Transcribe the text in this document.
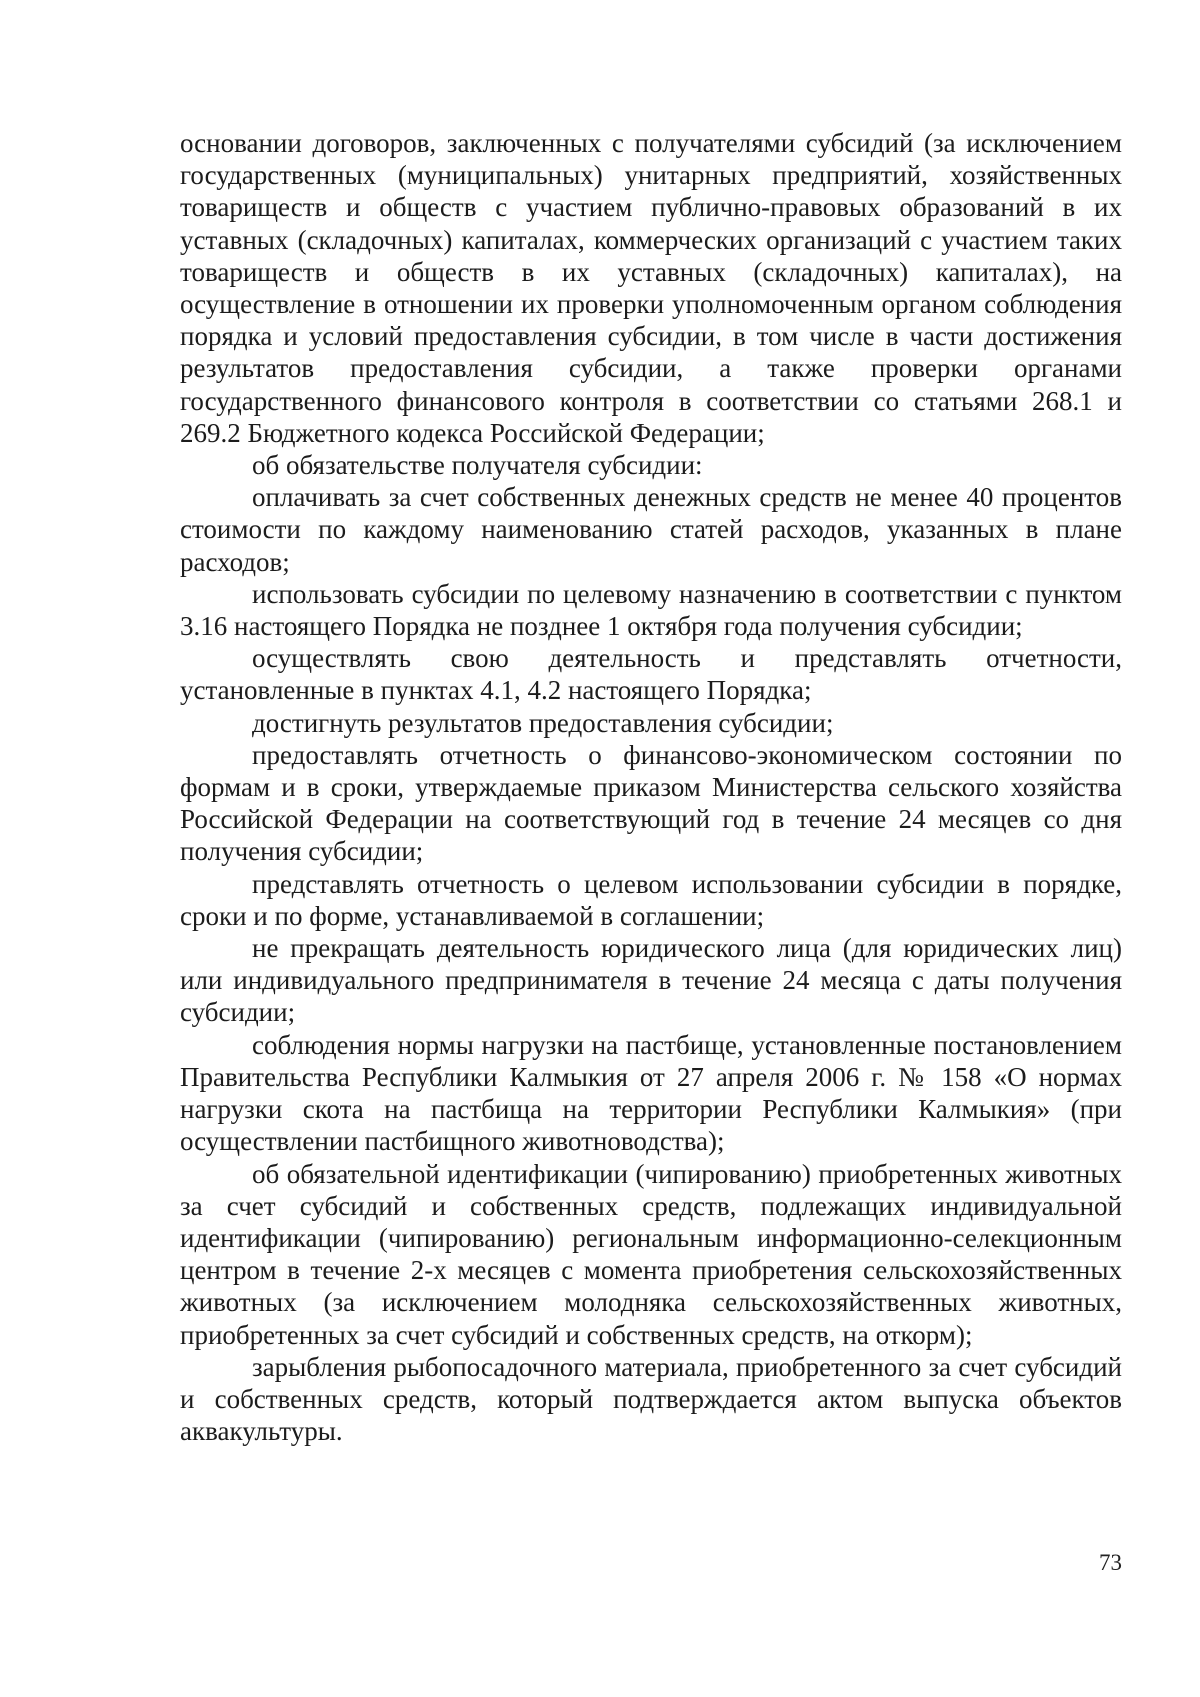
основании договоров, заключенных с получателями субсидий (за исключением государственных (муниципальных) унитарных предприятий, хозяйственных товариществ и обществ с участием публично-правовых образований в их уставных (складочных) капиталах, коммерческих организаций с участием таких товариществ и обществ в их уставных (складочных) капиталах), на осуществление в отношении их проверки уполномоченным органом соблюдения порядка и условий предоставления субсидии, в том числе в части достижения результатов предоставления субсидии, а также проверки органами государственного финансового контроля в соответствии со статьями 268.1 и 269.2 Бюджетного кодекса Российской Федерации;

об обязательстве получателя субсидии:

оплачивать за счет собственных денежных средств не менее 40 процентов стоимости по каждому наименованию статей расходов, указанных в плане расходов;

использовать субсидии по целевому назначению в соответствии с пунктом 3.16 настоящего Порядка не позднее 1 октября года получения субсидии;

осуществлять свою деятельность и представлять отчетности, установленные в пунктах 4.1, 4.2 настоящего Порядка;

достигнуть результатов предоставления субсидии;

предоставлять отчетность о финансово-экономическом состоянии по формам и в сроки, утверждаемые приказом Министерства сельского хозяйства Российской Федерации на соответствующий год в течение 24 месяцев со дня получения субсидии;

представлять отчетность о целевом использовании субсидии в порядке, сроки и по форме, устанавливаемой в соглашении;

не прекращать деятельность юридического лица (для юридических лиц) или индивидуального предпринимателя в течение 24 месяца с даты получения субсидии;

соблюдения нормы нагрузки на пастбище, установленные постановлением Правительства Республики Калмыкия от 27 апреля 2006 г. № 158 «О нормах нагрузки скота на пастбища на территории Республики Калмыкия» (при осуществлении пастбищного животноводства);

об обязательной идентификации (чипированию) приобретенных животных за счет субсидий и собственных средств, подлежащих индивидуальной идентификации (чипированию) региональным информационно-селекционным центром в течение 2-х месяцев с момента приобретения сельскохозяйственных животных (за исключением молодняка сельскохозяйственных животных, приобретенных за счет субсидий и собственных средств, на откорм);

зарыбления рыбопосадочного материала, приобретенного за счет субсидий и собственных средств, который подтверждается актом выпуска объектов аквакультуры.

73
